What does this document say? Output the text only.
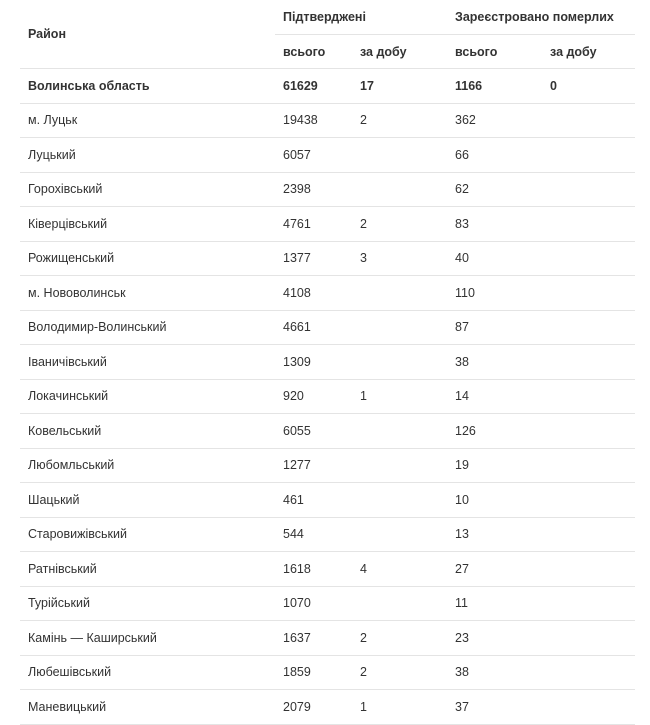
Район	Підтверджені		Зареєстровано померлих	
	всього	за добу	всього	за добу
Волинська область	61629	17	1166	0
м. Луцьк	19438	2	362	
Луцький	6057		66	
Горохівський	2398		62	
Ківерцівський	4761	2	83	
Рожищенський	1377	3	40	
м. Нововолинськ	4108		110	
Володимир-Волинський	4661		87	
Іваничівський	1309		38	
Локачинський	920	1	14	
Ковельський	6055		126	
Любомльський	1277		19	
Шацький	461		10	
Старовижівський	544		13	
Ратнівський	1618	4	27	
Турійський	1070		11	
Камінь — Каширський	1637	2	23	
Любешівський	1859	2	38	
Маневицький	2079	1	37	
